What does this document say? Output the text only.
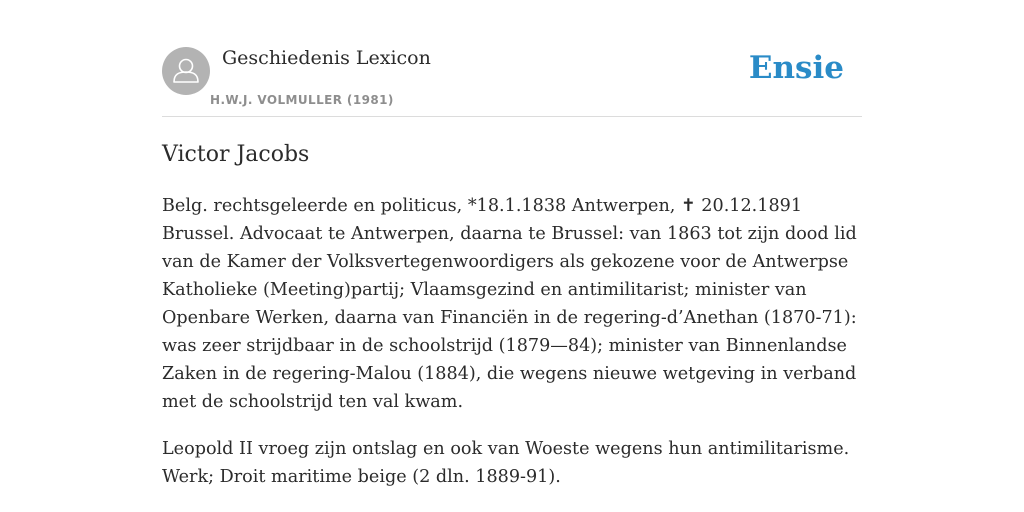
Geschiedenis Lexicon
H.W.J. VOLMULLER (1981)
Ensie
Victor Jacobs

Belg. rechtsgeleerde en politicus, *18.1.1838 Antwerpen, ✝ 20.12.1891 Brussel. Advocaat te Antwerpen, daarna te Brussel: van 1863 tot zijn dood lid van de Kamer der Volksvertegenwoordigers als gekozene voor de Antwerpse Katholieke (Meeting)partij; Vlaamsgezind en antimilitarist; minister van Openbare Werken, daarna van Financiën in de regering-d’Anethan (1870-71): was zeer strijdbaar in de schoolstrijd (1879—84); minister van Binnenlandse Zaken in de regering-Malou (1884), die wegens nieuwe wetgeving in verband met de schoolstrijd ten val kwam.

Leopold II vroeg zijn ontslag en ook van Woeste wegens hun antimilitarisme. Werk; Droit maritime beige (2 dln. 1889-91).
